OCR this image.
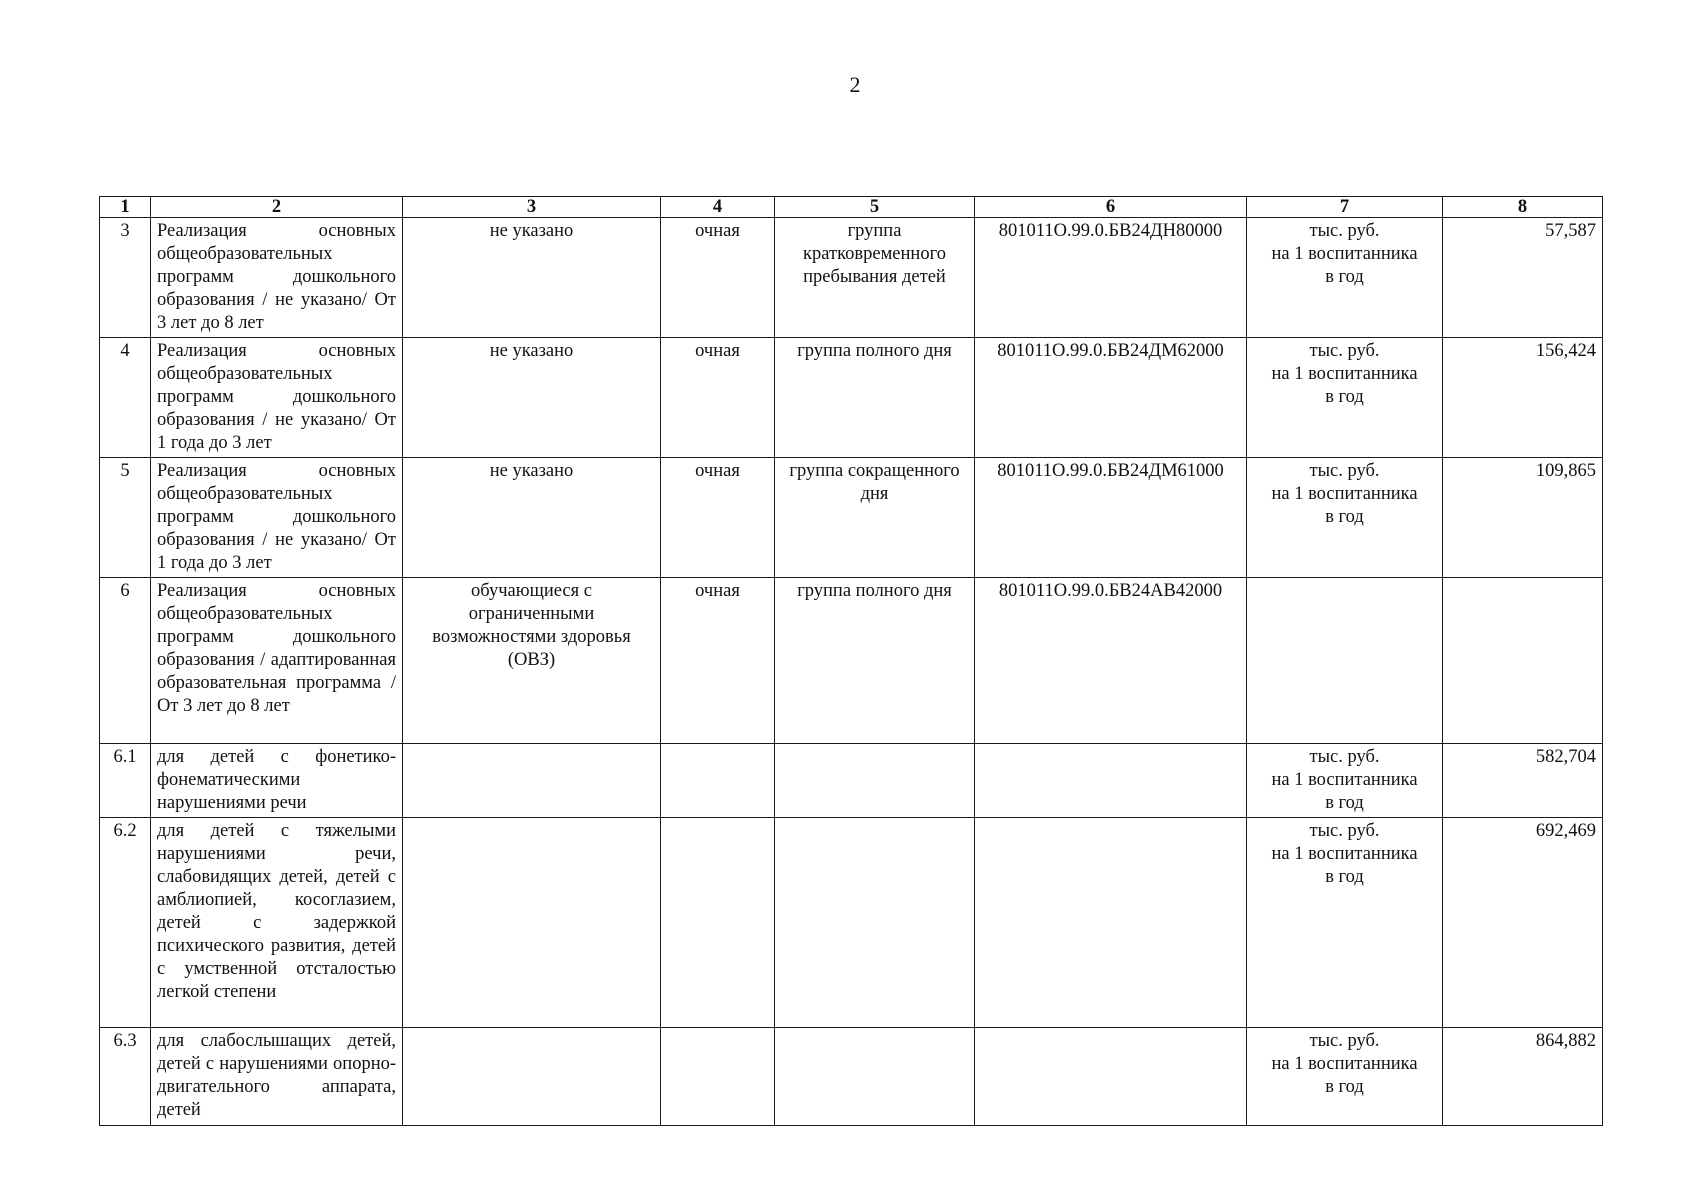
2
1	2	3	4	5	6	7	8
3	Реализация основных общеобразовательных программ дошкольного образования / не указано/ От 3 лет до 8 лет	не указано	очная	группа кратковременного пребывания детей	801011О.99.0.БВ24ДН80000	тыс. руб.
на 1 воспитанника
в год	57,587
4	Реализация основных общеобразовательных программ дошкольного образования / не указано/ От 1 года до 3 лет	не указано	очная	группа полного дня	801011О.99.0.БВ24ДМ62000	тыс. руб.
на 1 воспитанника
в год	156,424
5	Реализация основных общеобразовательных программ дошкольного образования / не указано/ От 1 года до 3 лет	не указано	очная	группа сокращенного дня	801011О.99.0.БВ24ДМ61000	тыс. руб.
на 1 воспитанника
в год	109,865
6	Реализация основных общеобразовательных программ дошкольного образования / адаптированная образовательная программа / От 3 лет до 8 лет	обучающиеся с ограниченными возможностями здоровья (ОВЗ)	очная	группа полного дня	801011О.99.0.БВ24АВ42000	

6.1	для детей с фонетико-фонематическими нарушениями речи					тыс. руб.
на 1 воспитанника
в год	582,704
6.2	для детей с тяжелыми нарушениями речи, слабовидящих детей, детей с амблиопией, косоглазием, детей с задержкой психического развития, детей с умственной отсталостью легкой степени					тыс. руб.
на 1 воспитанника
в год	692,469
6.3	для слабослышащих детей, детей с нарушениями опорно-двигательного аппарата, детей					тыс. руб.
на 1 воспитанника
в год	864,882
